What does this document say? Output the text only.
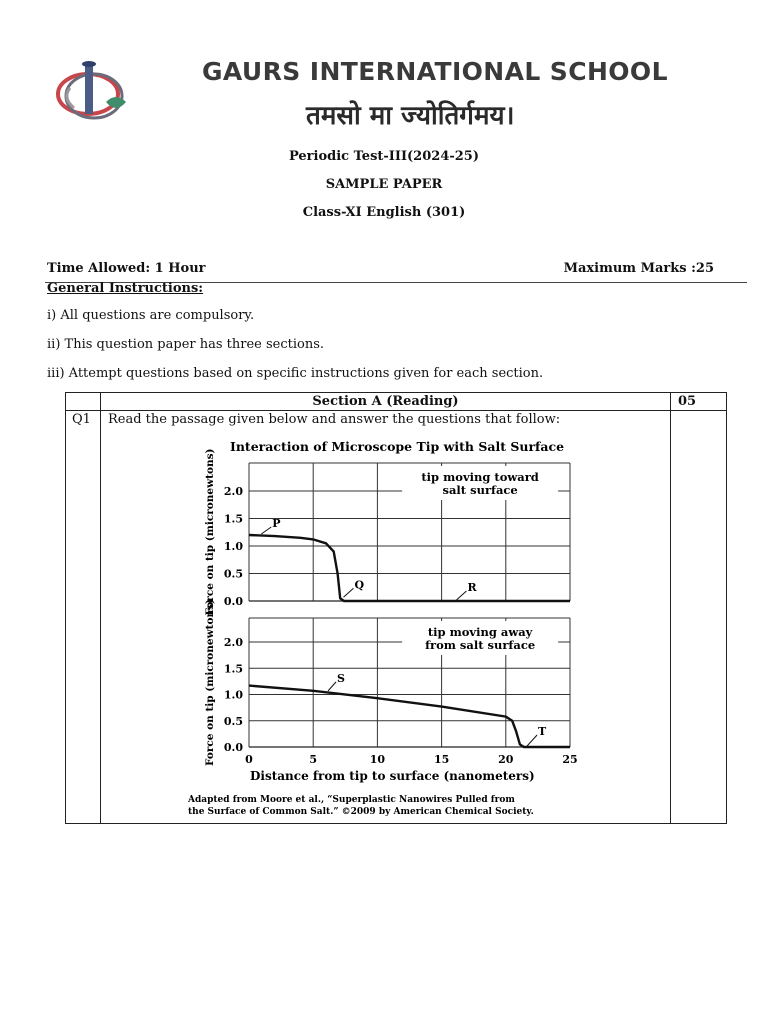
GAURS INTERNATIONAL SCHOOL
तमसो मा ज्योतिर्गमय।
Periodic Test-III(2024-25)
SAMPLE PAPER
Class-XI English (301)
Time Allowed: 1 Hour	Maximum Marks :25
General Instructions:
i) All questions are compulsory.
ii) This question paper has three sections.
iii) Attempt questions based on specific instructions given for each section.
Section A (Reading)	05
Q1 Read the passage given below and answer the questions that follow:
Interaction of Microscope Tip with Salt Surface
2.0
1.5
1.0
0.5
0.0
Force on tip (micronewtons)	tip moving toward
salt surface
P
Q	R
2.0
1.5
1.0
0.5
0.0
0	5	10	15	20	25
Force on tip (micronewtons)	tip moving away
from salt surface
S
T
Distance from tip to surface (nanometers)
Adapted from Moore et al., “Superplastic Nanowires Pulled from
the Surface of Common Salt.” ©2009 by American Chemical Society.
